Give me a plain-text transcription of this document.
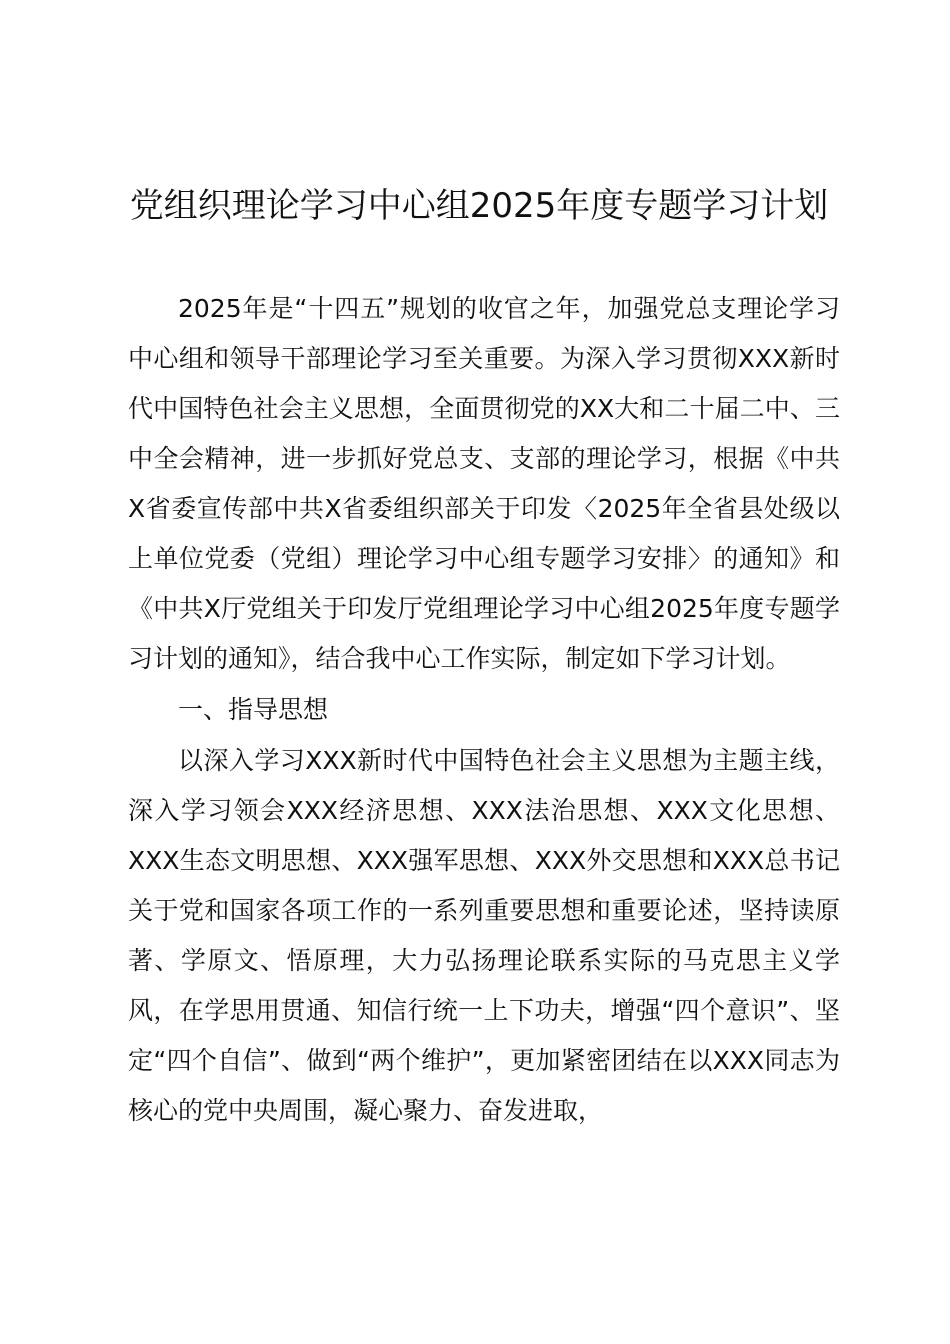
党组织理论学习中心组2025年度专题学习计划

2025年是“十四五”规划的收官之年，加强党总支理论学习中心组和领导干部理论学习至关重要。为深入学习贯彻XXX新时代中国特色社会主义思想，全面贯彻党的XX大和二十届二中、三中全会精神，进一步抓好党总支、支部的理论学习，根据《中共X省委宣传部中共X省委组织部关于印发〈2025年全省县处级以上单位党委（党组）理论学习中心组专题学习安排〉的通知》和《中共X厅党组关于印发厅党组理论学习中心组2025年度专题学习计划的通知》，结合我中心工作实际，制定如下学习计划。

一、指导思想

以深入学习XXX新时代中国特色社会主义思想为主题主线，深入学习领会XXX经济思想、XXX法治思想、XXX文化思想、XXX生态文明思想、XXX强军思想、XXX外交思想和XXX总书记关于党和国家各项工作的一系列重要思想和重要论述，坚持读原著、学原文、悟原理，大力弘扬理论联系实际的马克思主义学风，在学思用贯通、知信行统一上下功夫，增强“四个意识”、坚定“四个自信”、做到“两个维护”，更加紧密团结在以XXX同志为核心的党中央周围，凝心聚力、奋发进取，
